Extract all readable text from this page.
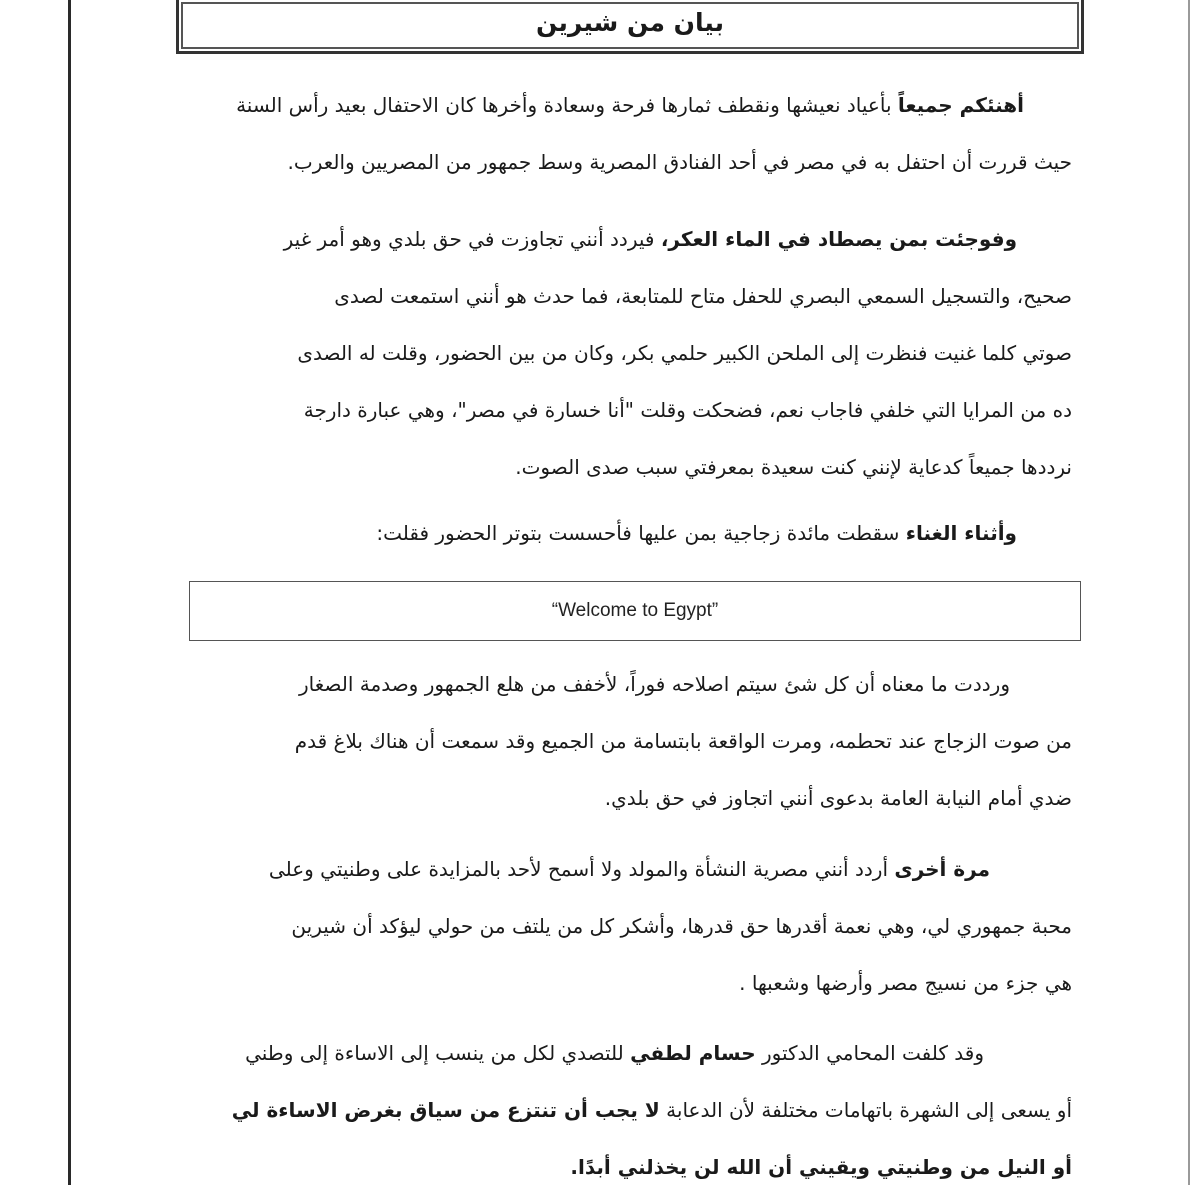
بيان من شيرين
أهنئكم جميعاً بأعياد نعيشها ونقطف ثمارها فرحة وسعادة وأخرها كان الاحتفال بعيد رأس السنة
حيث قررت أن احتفل به في مصر في أحد الفنادق المصرية وسط جمهور من المصريين والعرب.
وفوجئت بمن يصطاد في الماء العكر، فيردد أنني تجاوزت في حق بلدي وهو أمر غير
صحيح، والتسجيل السمعي البصري للحفل متاح للمتابعة، فما حدث هو أنني استمعت لصدى
صوتي كلما غنيت فنظرت إلى الملحن الكبير حلمي بكر، وكان من بين الحضور، وقلت له الصدى
ده من المرايا التي خلفي فاجاب نعم، فضحكت وقلت "أنا خسارة في مصر"، وهي عبارة دارجة
نرددها جميعاً كدعاية لإنني كنت سعيدة بمعرفتي سبب صدى الصوت.
وأثناء الغناء سقطت مائدة زجاجية بمن عليها فأحسست بتوتر الحضور فقلت:
“Welcome to Egypt”
ورددت ما معناه أن كل شئ سيتم اصلاحه فوراً، لأخفف من هلع الجمهور وصدمة الصغار
من صوت الزجاج عند تحطمه، ومرت الواقعة بابتسامة من الجميع وقد سمعت أن هناك بلاغ قدم
ضدي أمام النيابة العامة بدعوى أنني اتجاوز في حق بلدي.
مرة أخرى أردد أنني مصرية النشأة والمولد ولا أسمح لأحد بالمزايدة على وطنيتي وعلى
محبة جمهوري لي، وهي نعمة أقدرها حق قدرها، وأشكر كل من يلتف من حولي ليؤكد أن شيرين
هي جزء من نسيج مصر وأرضها وشعبها .
وقد كلفت المحامي الدكتور حسام لطفي للتصدي لكل من ينسب إلى الاساءة إلى وطني
أو يسعى إلى الشهرة باتهامات مختلفة لأن الدعابة لا يجب أن تنتزع من سياق بغرض الاساءة لي
أو النيل من وطنيتي ويقيني أن الله لن يخذلني أبدًا.
